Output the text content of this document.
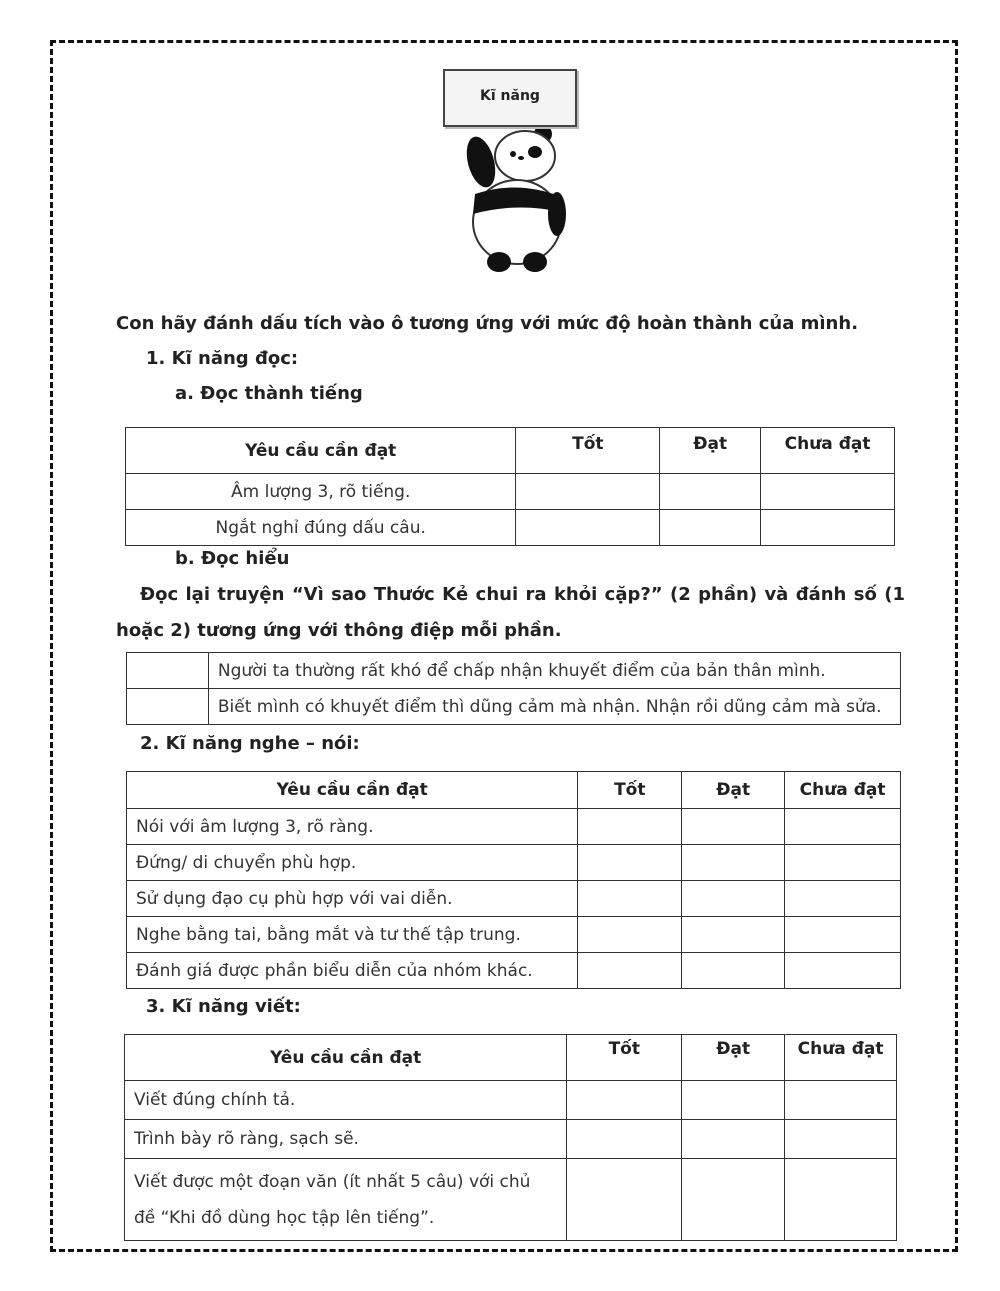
Kĩ năng
Con hãy đánh dấu tích vào ô tương ứng với mức độ hoàn thành của mình.
1. Kĩ năng đọc:
a. Đọc thành tiếng
Yêu cầu cần đạt	Tốt	Đạt	Chưa đạt
Âm lượng 3, rõ tiếng.			
Ngắt nghỉ đúng dấu câu.			
b. Đọc hiểu
Đọc lại truyện “Vì sao Thước Kẻ chui ra khỏi cặp?” (2 phần) và đánh số (1
hoặc 2) tương ứng với thông điệp mỗi phần.
	Người ta thường rất khó để chấp nhận khuyết điểm của bản thân mình.
	Biết mình có khuyết điểm thì dũng cảm mà nhận. Nhận rồi dũng cảm mà sửa.
2. Kĩ năng nghe – nói:
Yêu cầu cần đạt	Tốt	Đạt	Chưa đạt
Nói với âm lượng 3, rõ ràng.			
Đứng/ di chuyển phù hợp.			
Sử dụng đạo cụ phù hợp với vai diễn.			
Nghe bằng tai, bằng mắt và tư thế tập trung.			
Đánh giá được phần biểu diễn của nhóm khác.			
3. Kĩ năng viết:
Yêu cầu cần đạt	Tốt	Đạt	Chưa đạt
Viết đúng chính tả.			
Trình bày rõ ràng, sạch sẽ.			

Viết được một đoạn văn (ít nhất 5 câu) với chủ
đề “Khi đồ dùng học tập lên tiếng”.			
